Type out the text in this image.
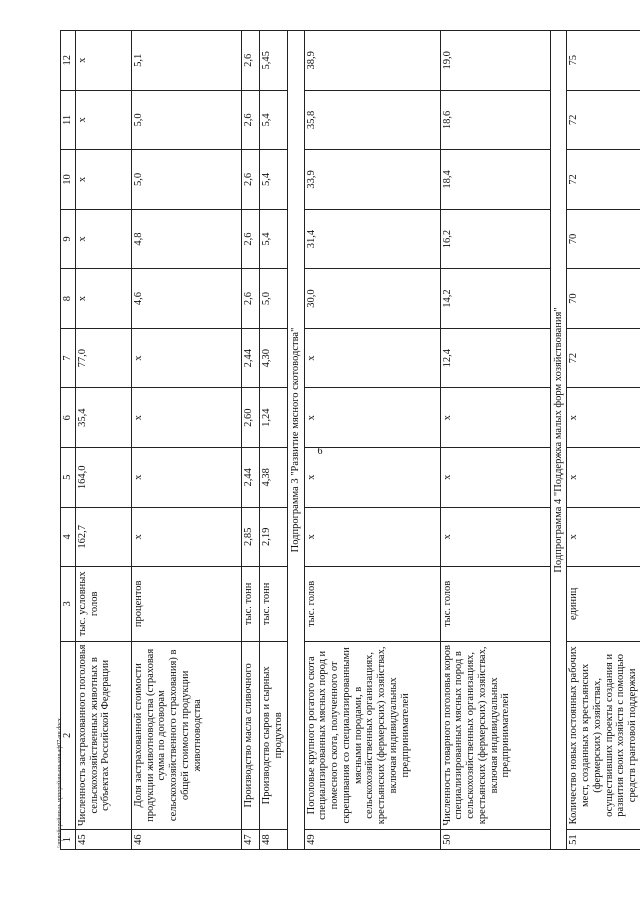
6
1	2	3	4	5	6	7	8	9	10	11	12
45	Численность застрахованного поголовья сельскохозяйственных животных в субъектах Российской Федерации	тыс. условных голов	162,7	164,0	35,4	77,0	х	х	х	х	х
46	Доля застрахованной стоимости продукции животноводства (страховая сумма по договорам сельскохозяйственного страхования) в общей стоимости продукции животноводства	процентов	х	х	х	х	4,6	4,8	5,0	5,0	5,1
47	Производство масла сливочного	тыс. тонн	2,85	2,44	2,60	2,44	2,6	2,6	2,6	2,6	2,6
48	Производство сыров и сырных продуктов	тыс. тонн	2,19	4,38	1,24	4,30	5,0	5,4	5,4	5,4	5,45
Подпрограмма 3 "Развитие мясного скотоводства"											
49	Поголовье крупного рогатого скота специализированных мясных пород и помесного скота, полученного от скрещивания со специализированными мясными породами, в сельскохозяйственных организациях, крестьянских (фермерских) хозяйствах, включая индивидуальных предпринимателей	тыс. голов	х	х	х	х	30,0	31,4	33,9	35,8	38,9
50	Численность товарного поголовья коров специализированных мясных пород в сельскохозяйственных организациях, крестьянских (фермерских) хозяйствах, включая индивидуальных предпринимателей	тыс. голов	х	х	х	12,4	14,2	16,2	18,4	18,6	19,0
Подпрограмма 4 "Поддержка малых форм хозяйствования"											
51	Количество новых постоянных рабочих мест, созданных в крестьянских (фермерских) хозяйствах, осуществивших проекты создания и развития своих хозяйств с помощью средств грантовой поддержки	единиц	х	х	х	72	70	70	72	72	75
\\ирвойорейаньаь ирпорейаньаньааньаф07-ни.docx
